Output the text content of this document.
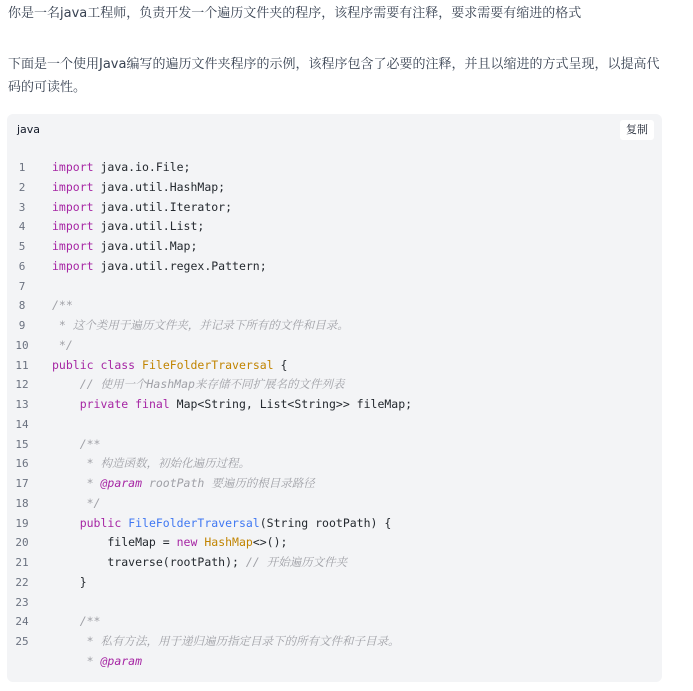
你是一名java工程师，负责开发一个遍历文件夹的程序，该程序需要有注释，要求需要有缩进的格式
下面是一个使用Java编写的遍历文件夹程序的示例，该程序包含了必要的注释，并且以缩进的方式呈现，以提高代码的可读性。
java	复制
1	import java.io.File;
2	import java.util.HashMap;
3	import java.util.Iterator;
4	import java.util.List;
5	import java.util.Map;
6	import java.util.regex.Pattern;
7
8	/**
9	* 这个类用于遍历文件夹，并记录下所有的文件和目录。
10	*/
11	public class FileFolderTraversal {
12	// 使用一个HashMap来存储不同扩展名的文件列表
13	private final Map<String, List<String>> fileMap;
14
15	/**
16	* 构造函数，初始化遍历过程。
17	* @param rootPath 要遍历的根目录路径
18	*/
19	public FileFolderTraversal(String rootPath) {
20	fileMap = new HashMap<>();
21	traverse(rootPath); // 开始遍历文件夹
22	}
23
24	/**
25	* 私有方法，用于递归遍历指定目录下的所有文件和子目录。
* @param
